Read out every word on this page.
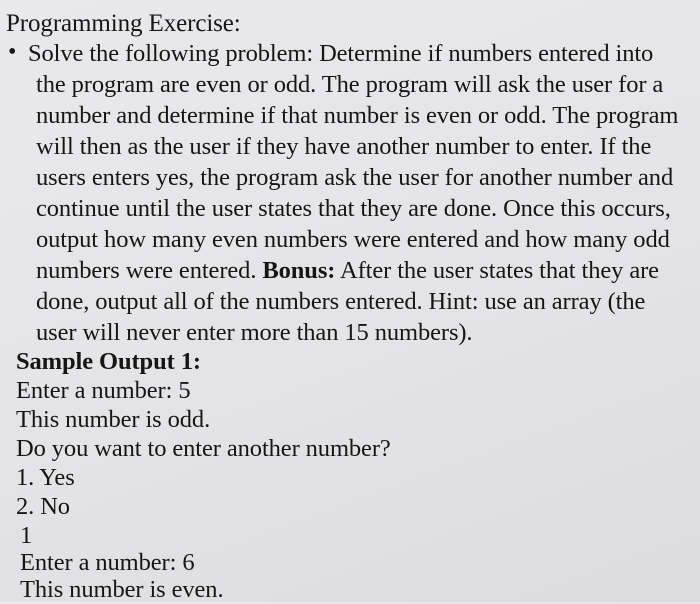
Programming Exercise:
• Solve the following problem: Determine if numbers entered into
the program are even or odd. The program will ask the user for a
number and determine if that number is even or odd. The program
will then as the user if they have another number to enter. If the
users enters yes, the program ask the user for another number and
continue until the user states that they are done. Once this occurs,
output how many even numbers were entered and how many odd
numbers were entered. Bonus: After the user states that they are
done, output all of the numbers entered. Hint: use an array (the
user will never enter more than 15 numbers).
Sample Output 1:
Enter a number: 5
This number is odd.
Do you want to enter another number?
1. Yes
2. No
1
Enter a number: 6
This number is even.
